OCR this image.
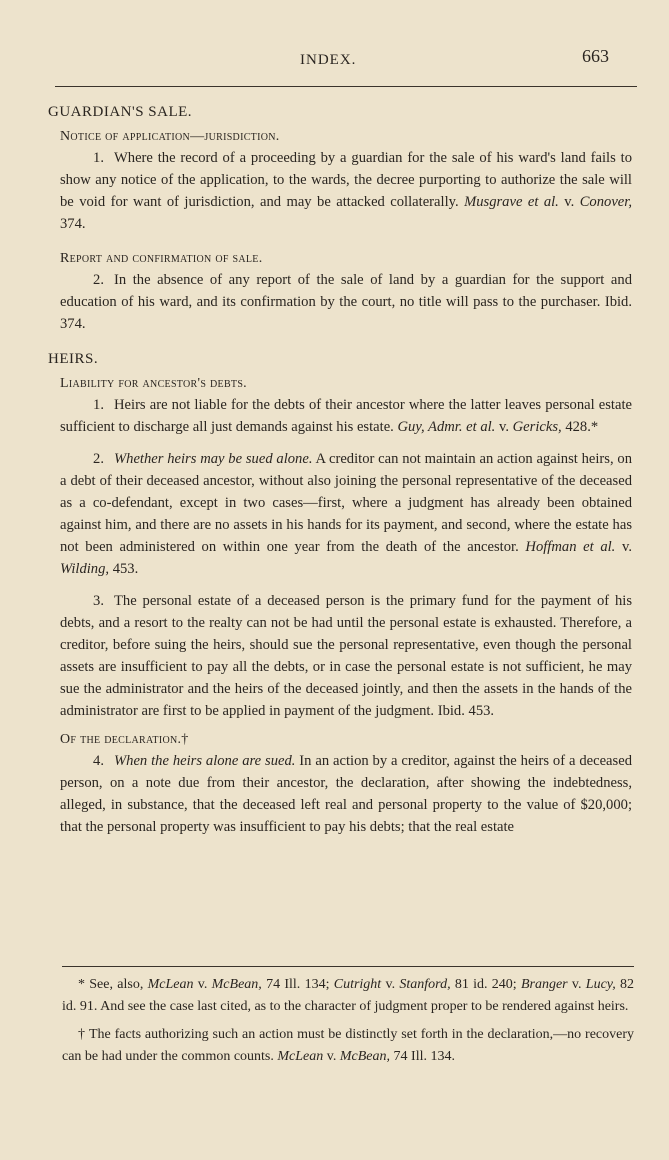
INDEX.	663
GUARDIAN'S SALE.
Notice of application—jurisdiction.

1. Where the record of a proceeding by a guardian for the sale of his ward's land fails to show any notice of the application, to the wards, the decree purporting to authorize the sale will be void for want of jurisdiction, and may be attacked collaterally. Musgrave et al. v. Conover, 374.

Report and confirmation of sale.

2. In the absence of any report of the sale of land by a guardian for the support and education of his ward, and its confirmation by the court, no title will pass to the purchaser. Ibid. 374.

HEIRS.
Liability for ancestor's debts.

1. Heirs are not liable for the debts of their ancestor where the latter leaves personal estate sufficient to discharge all just demands against his estate. Guy, Admr. et al. v. Gericks, 428.*

2. Whether heirs may be sued alone. A creditor can not maintain an action against heirs, on a debt of their deceased ancestor, without also joining the personal representative of the deceased as a co-defendant, except in two cases—first, where a judgment has already been obtained against him, and there are no assets in his hands for its payment, and second, where the estate has not been administered on within one year from the death of the ancestor. Hoffman et al. v. Wilding, 453.

3. The personal estate of a deceased person is the primary fund for the payment of his debts, and a resort to the realty can not be had until the personal estate is exhausted. Therefore, a creditor, before suing the heirs, should sue the personal representative, even though the personal assets are insufficient to pay all the debts, or in case the personal estate is not sufficient, he may sue the administrator and the heirs of the deceased jointly, and then the assets in the hands of the administrator are first to be applied in payment of the judgment. Ibid. 453.

Of the declaration.†

4. When the heirs alone are sued. In an action by a creditor, against the heirs of a deceased person, on a note due from their ancestor, the declaration, after showing the indebtedness, alleged, in substance, that the deceased left real and personal property to the value of $20,000; that the personal property was insufficient to pay his debts; that the real estate

* See, also, McLean v. McBean, 74 Ill. 134; Cutright v. Stanford, 81 id. 240; Branger v. Lucy, 82 id. 91. And see the case last cited, as to the character of judgment proper to be rendered against heirs.

† The facts authorizing such an action must be distinctly set forth in the declaration,—no recovery can be had under the common counts. McLean v. McBean, 74 Ill. 134.
